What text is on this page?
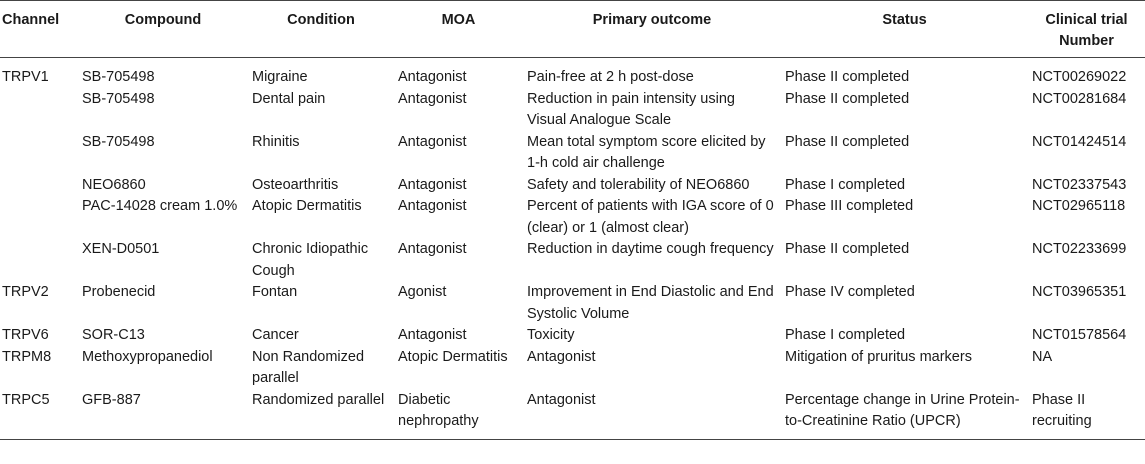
Channel	Compound	Condition	MOA	Primary outcome	Status	Clinical trial Number
TRPV1	SB-705498	Migraine	Antagonist	Pain-free at 2 h post-dose	Phase II completed	NCT00269022
	SB-705498	Dental pain	Antagonist	Reduction in pain intensity using Visual Analogue Scale	Phase II completed	NCT00281684
	SB-705498	Rhinitis	Antagonist	Mean total symptom score elicited by 1-h cold air challenge	Phase II completed	NCT01424514
	NEO6860	Osteoarthritis	Antagonist	Safety and tolerability of NEO6860	Phase I completed	NCT02337543
	PAC-14028 cream 1.0%	Atopic Dermatitis	Antagonist	Percent of patients with IGA score of 0 (clear) or 1 (almost clear)	Phase III completed	NCT02965118
	XEN-D0501	Chronic Idiopathic Cough	Antagonist	Reduction in daytime cough frequency	Phase II completed	NCT02233699
TRPV2	Probenecid	Fontan	Agonist	Improvement in End Diastolic and End Systolic Volume	Phase IV completed	NCT03965351
TRPV6	SOR-C13	Cancer	Antagonist	Toxicity	Phase I completed	NCT01578564
TRPM8	Methoxypropanediol	Non Randomized parallel	Atopic Dermatitis	Antagonist	Mitigation of pruritus markers	NA
TRPC5	GFB-887	Randomized parallel	Diabetic nephropathy	Antagonist	Percentage change in Urine Protein-to-Creatinine Ratio (UPCR)	Phase II recruiting
